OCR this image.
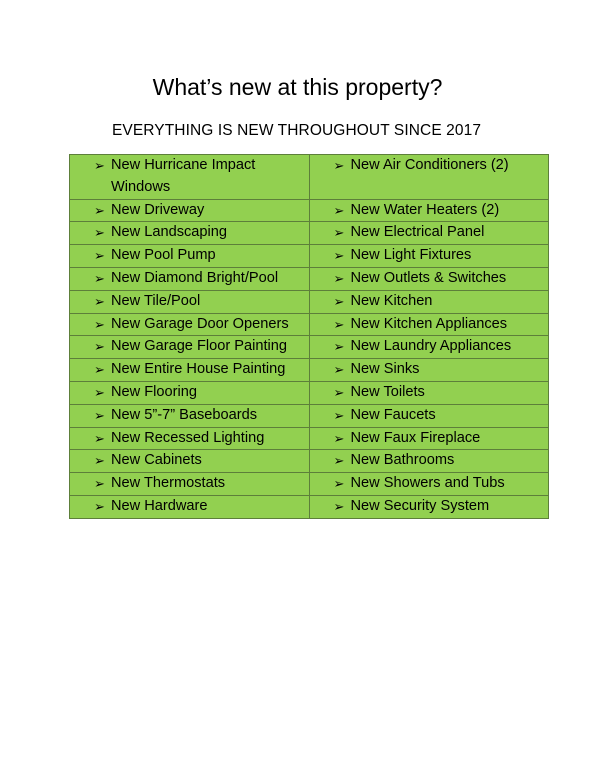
What’s new at this property?
EVERYTHING IS NEW THROUGHOUT SINCE 2017
➢ New Hurricane Impact Windows	➢ New Air Conditioners (2)

➢ New Driveway	➢ New Water Heaters (2)

➢ New Landscaping	➢ New Electrical Panel

➢ New Pool Pump	➢ New Light Fixtures

➢ New Diamond Bright/Pool	➢ New Outlets & Switches

➢ New Tile/Pool	➢ New Kitchen

➢ New Garage Door Openers	➢ New Kitchen Appliances

➢ New Garage Floor Painting	➢ New Laundry Appliances

➢ New Entire House Painting	➢ New Sinks

➢ New Flooring	➢ New Toilets

➢ New 5”-7” Baseboards	➢ New Faucets

➢ New Recessed Lighting	➢ New Faux Fireplace

➢ New Cabinets	➢ New Bathrooms

➢ New Thermostats	➢ New Showers and Tubs

➢ New Hardware	➢ New Security System
